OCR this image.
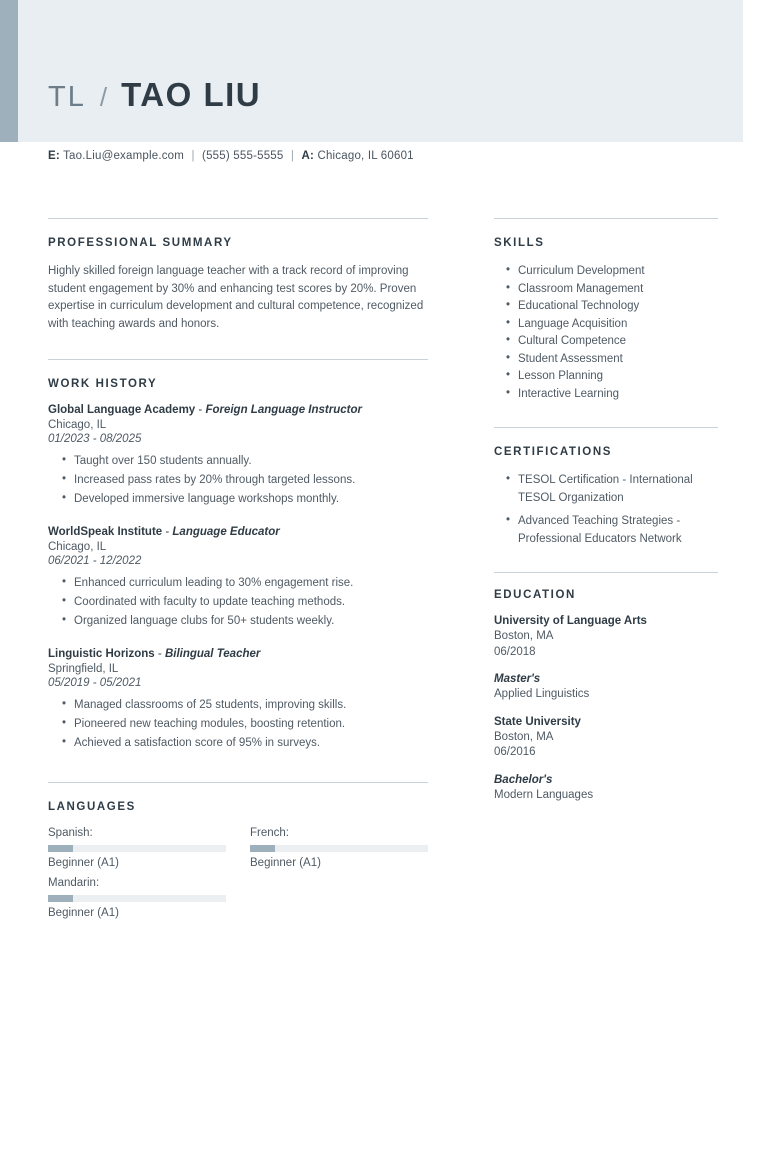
TL / TAO LIU
E: Tao.Liu@example.com | (555) 555-5555 | A: Chicago, IL 60601
PROFESSIONAL SUMMARY
Highly skilled foreign language teacher with a track record of improving student engagement by 30% and enhancing test scores by 20%. Proven expertise in curriculum development and cultural competence, recognized with teaching awards and honors.
WORK HISTORY
Global Language Academy - Foreign Language Instructor
Chicago, IL
01/2023 - 08/2025
• Taught over 150 students annually.
• Increased pass rates by 20% through targeted lessons.
• Developed immersive language workshops monthly.
WorldSpeak Institute - Language Educator
Chicago, IL
06/2021 - 12/2022
• Enhanced curriculum leading to 30% engagement rise.
• Coordinated with faculty to update teaching methods.
• Organized language clubs for 50+ students weekly.
Linguistic Horizons - Bilingual Teacher
Springfield, IL
05/2019 - 05/2021
• Managed classrooms of 25 students, improving skills.
• Pioneered new teaching modules, boosting retention.
• Achieved a satisfaction score of 95% in surveys.
LANGUAGES
Spanish:
Beginner (A1)
French:
Beginner (A1)
Mandarin:
Beginner (A1)
SKILLS
• Curriculum Development
• Classroom Management
• Educational Technology
• Language Acquisition
• Cultural Competence
• Student Assessment
• Lesson Planning
• Interactive Learning
CERTIFICATIONS
• TESOL Certification - International TESOL Organization
• Advanced Teaching Strategies - Professional Educators Network
EDUCATION
University of Language Arts
Boston, MA
06/2018
Master's
Applied Linguistics
State University
Boston, MA
06/2016
Bachelor's
Modern Languages
